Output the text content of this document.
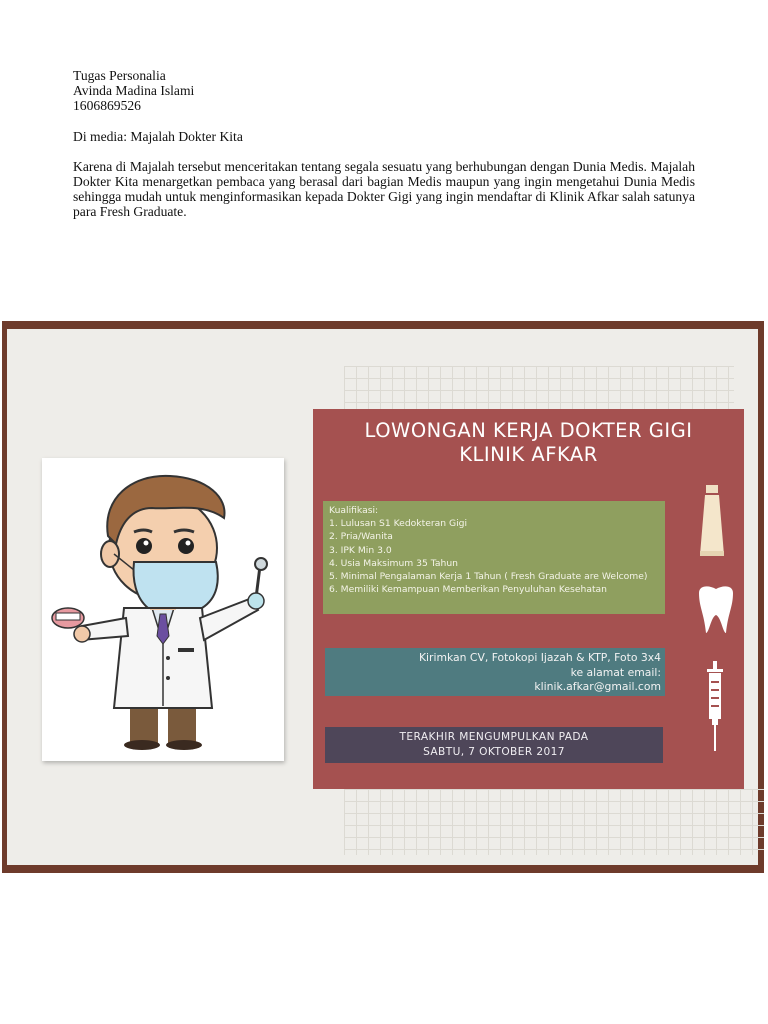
Tugas Personalia

Avinda Madina Islami

1606869526

Di media: Majalah Dokter Kita

Karena di Majalah tersebut menceritakan tentang segala sesuatu yang berhubungan dengan Dunia Medis. Majalah Dokter Kita menargetkan pembaca yang berasal dari bagian Medis maupun yang ingin mengetahui Dunia Medis sehingga mudah untuk menginformasikan kepada Dokter Gigi yang ingin mendaftar di Klinik Afkar salah satunya para Fresh Graduate.

LOWONGAN KERJA DOKTER GIGI
KLINIK AFKAR
Kualifikasi:
1. Lulusan S1 Kedokteran Gigi
2. Pria/Wanita
3. IPK Min 3.0
4. Usia Maksimum 35 Tahun
5. Minimal Pengalaman Kerja 1 Tahun ( Fresh Graduate are Welcome)
6. Memiliki Kemampuan Memberikan Penyuluhan Kesehatan
Kirimkan CV, Fotokopi Ijazah & KTP, Foto 3x4
ke alamat email:
klinik.afkar@gmail.com
TERAKHIR MENGUMPULKAN PADA
SABTU, 7 OKTOBER 2017
